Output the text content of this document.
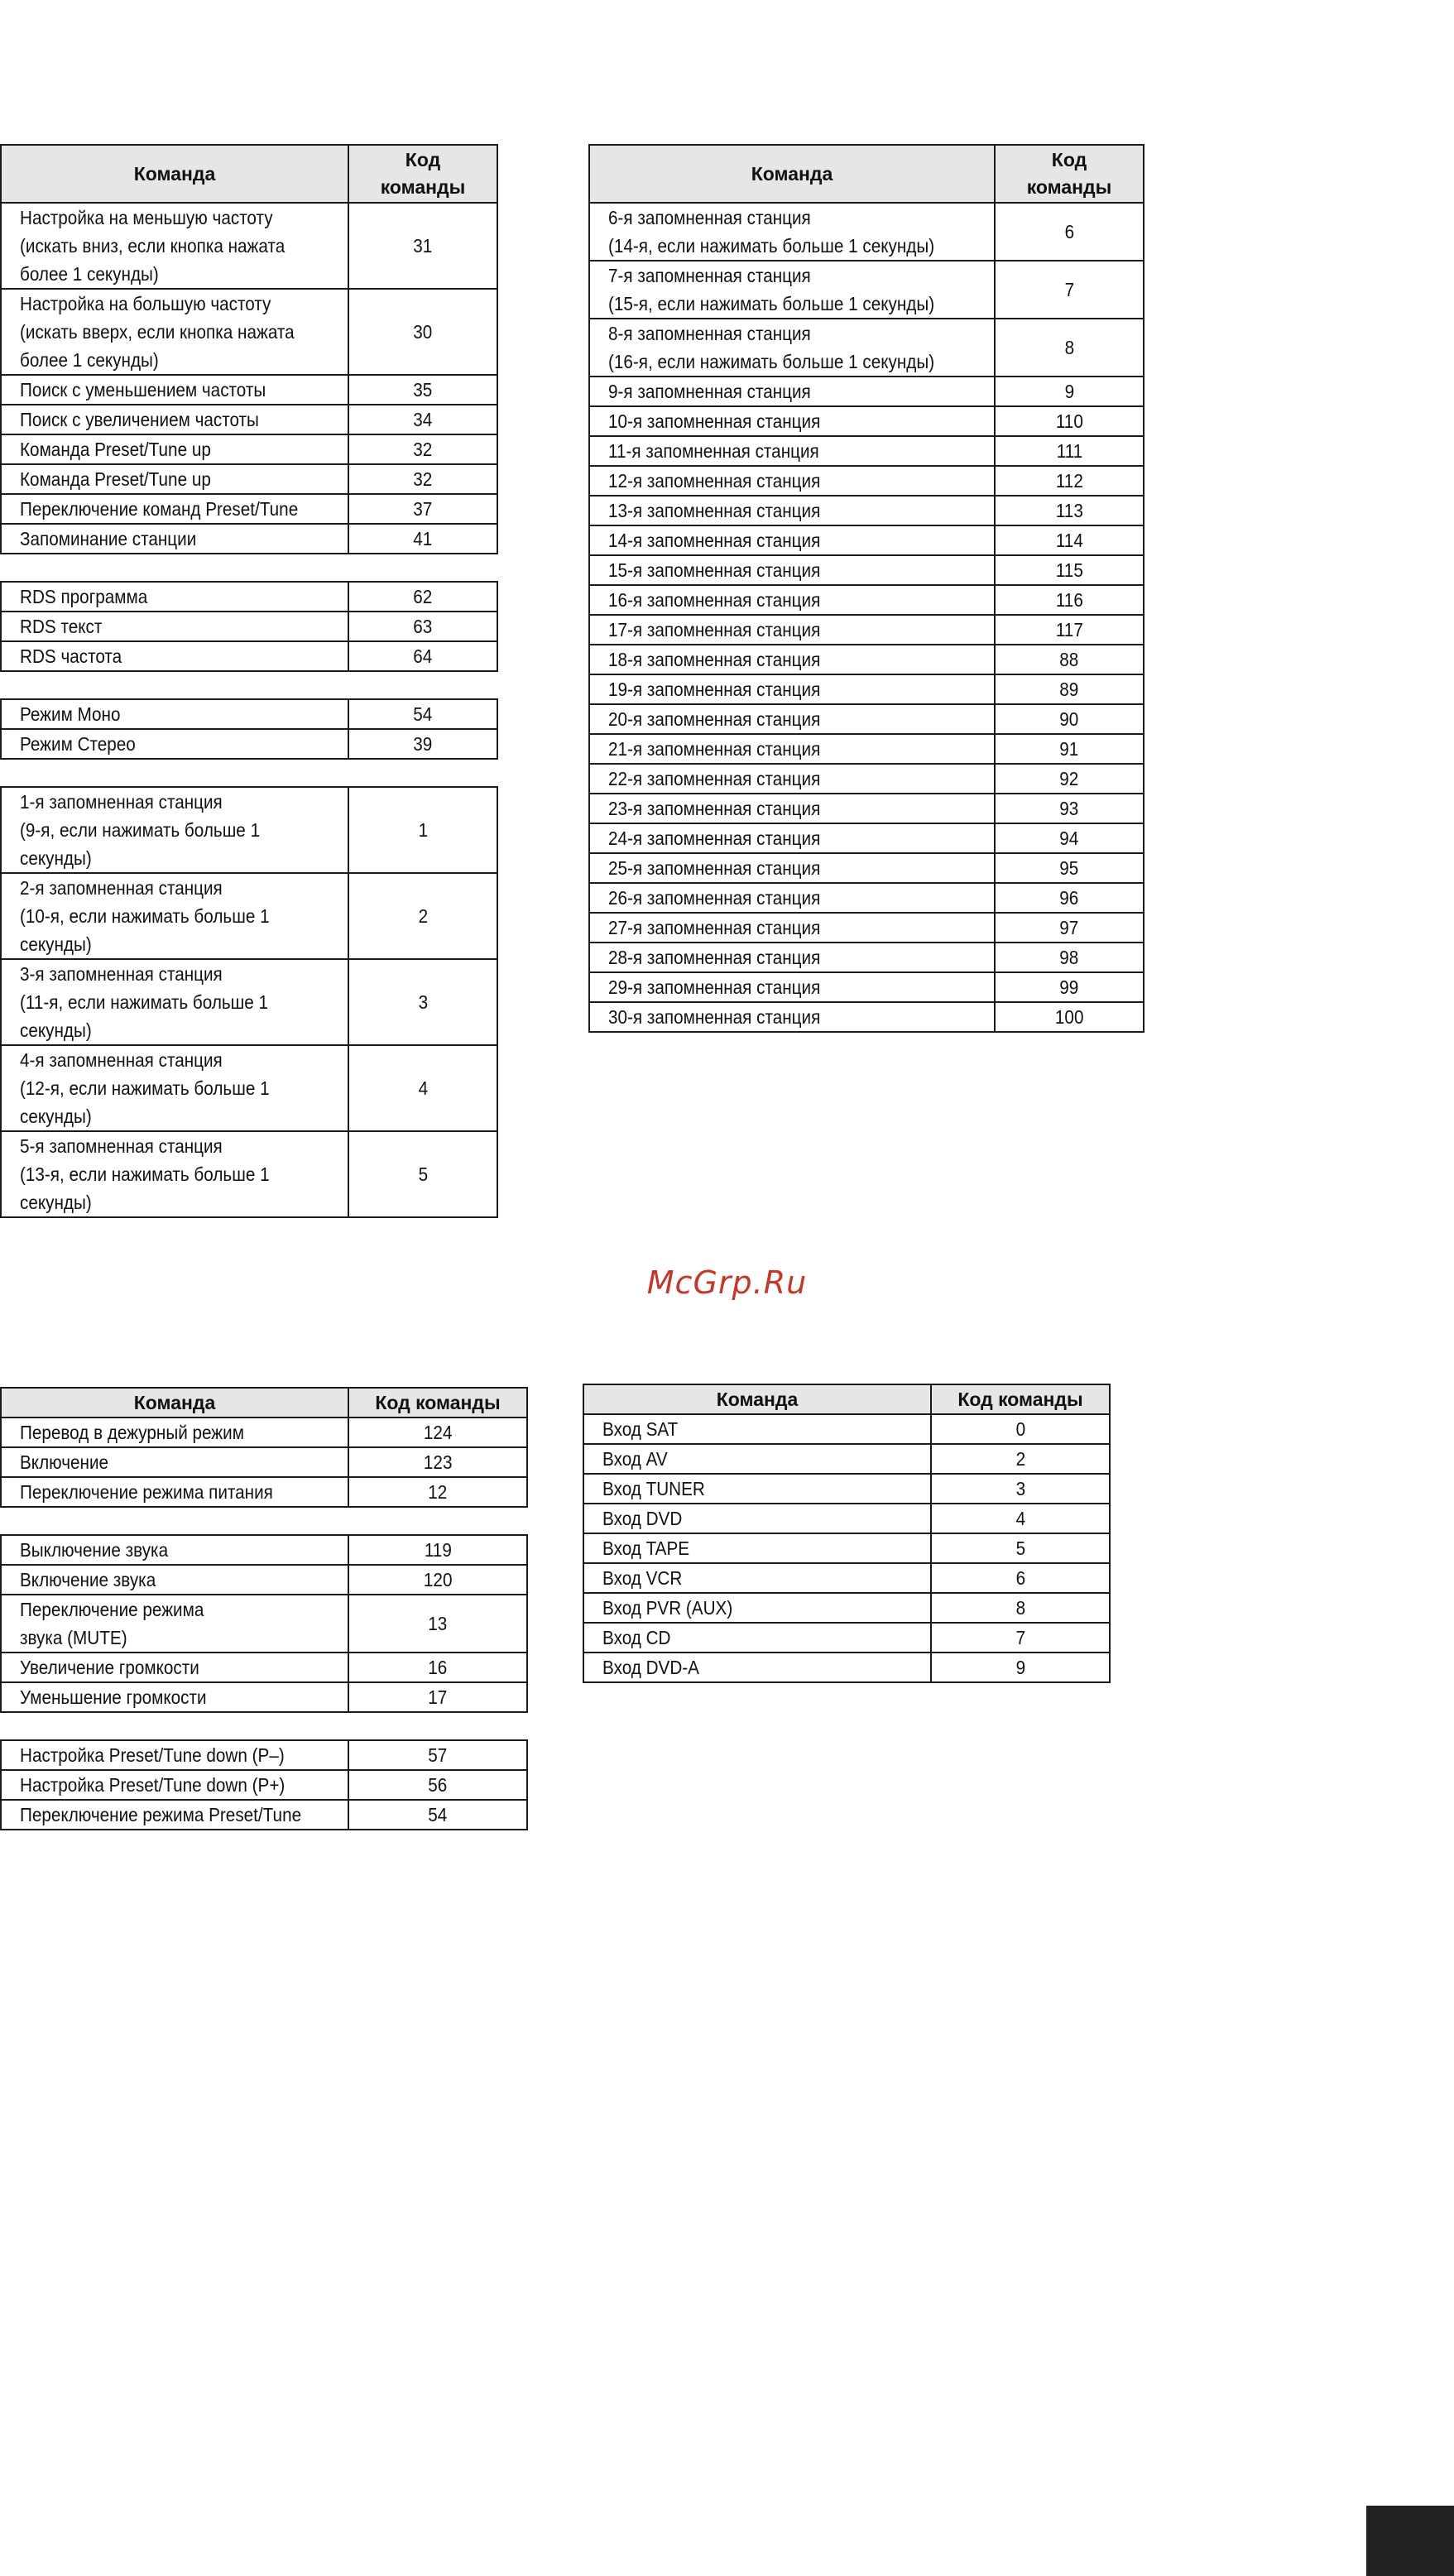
Команда	Код
команды
Настройка на меньшую частоту
(искать вниз, если кнопка нажата
более 1 секунды)	31
Настройка на большую частоту
(искать вверх, если кнопка нажата
более 1 секунды)	30
Поиск с уменьшением частоты	35
Поиск с увеличением частоты	34
Команда Preset/Tune up	32
Команда Preset/Tune up	32
Переключение команд Preset/Tune	37
Запоминание станции	41

RDS программа	62
RDS текст	63
RDS частота	64

Режим Моно	54
Режим Стерео	39

1-я запомненная станция
(9-я, если нажимать больше 1
секунды)	1
2-я запомненная станция
(10-я, если нажимать больше 1
секунды)	2
3-я запомненная станция
(11-я, если нажимать больше 1
секунды)	3
4-я запомненная станция
(12-я, если нажимать больше 1
секунды)	4
5-я запомненная станция
(13-я, если нажимать больше 1
секунды)	5
Команда	Код
команды
6-я запомненная станция
(14-я, если нажимать больше 1 секунды)	6
7-я запомненная станция
(15-я, если нажимать больше 1 секунды)	7
8-я запомненная станция
(16-я, если нажимать больше 1 секунды)	8
9-я запомненная станция	9
10-я запомненная станция	110
11-я запомненная станция	111
12-я запомненная станция	112
13-я запомненная станция	113
14-я запомненная станция	114
15-я запомненная станция	115
16-я запомненная станция	116
17-я запомненная станция	117
18-я запомненная станция	88
19-я запомненная станция	89
20-я запомненная станция	90
21-я запомненная станция	91
22-я запомненная станция	92
23-я запомненная станция	93
24-я запомненная станция	94
25-я запомненная станция	95
26-я запомненная станция	96
27-я запомненная станция	97
28-я запомненная станция	98
29-я запомненная станция	99
30-я запомненная станция	100
Команда	Код команды
Перевод в дежурный режим	124
Включение	123
Переключение режима питания	12

Выключение звука	119
Включение звука	120
Переключение режима
звука (MUTE)	13
Увеличение громкости	16
Уменьшение громкости	17

Настройка Preset/Tune down (P–)	57
Настройка Preset/Tune down (P+)	56
Переключение режима Preset/Tune	54
Команда	Код команды
Вход SAT	0
Вход AV	2
Вход TUNER	3
Вход DVD	4
Вход TAPE	5
Вход VCR	6
Вход PVR (AUX)	8
Вход CD	7
Вход DVD-A	9
McGrp.Ru
